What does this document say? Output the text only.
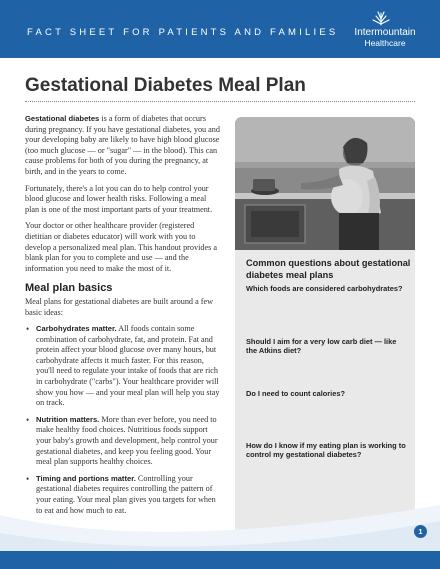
FACT SHEET FOR PATIENTS AND FAMILIES	Intermountain
Healthcare
Gestational Diabetes Meal Plan

Gestational diabetes is a form of diabetes that occurs during pregnancy. If you have gestational diabetes, you and your developing baby are likely to have high blood glucose (too much glucose — or "sugar" — in the blood). This can cause problems for both of you during the pregnancy, at birth, and in the years to come.

Fortunately, there's a lot you can do to help control your blood glucose and lower health risks. Following a meal plan is one of the most important parts of your treatment.

Your doctor or other healthcare provider (registered dietitian or diabetes educator) will work with you to develop a personalized meal plan. This handout provides a blank plan for you to complete and use — and the information you need to make the most of it.

Meal plan basics

Meal plans for gestational diabetes are built around a few basic ideas:

• Carbohydrates matter. All foods contain some combination of carbohydrate, fat, and protein. Fat and protein affect your blood glucose over many hours, but carbohydrate affects it much faster. For this reason, you'll need to regulate your intake of foods that are rich in carbohydrate ("carbs"). Your healthcare provider will show you how — and your meal plan will help you stay on track.
• Nutrition matters. More than ever before, you need to make healthy food choices. Nutritious foods support your baby's growth and development, help control your gestational diabetes, and keep you feeling good. Your meal plan supports healthy choices.
• Timing and portions matter. Controlling your gestational diabetes requires controlling the pattern of your eating. Your meal plan gives you targets for when to eat and how much to eat.
Common questions about gestational diabetes meal plans
Which foods are considered carbohydrates?
Should I aim for a very low carb diet — like the Atkins diet?
Do I need to count calories?
How do I know if my eating plan is working to control my gestational diabetes?
1
